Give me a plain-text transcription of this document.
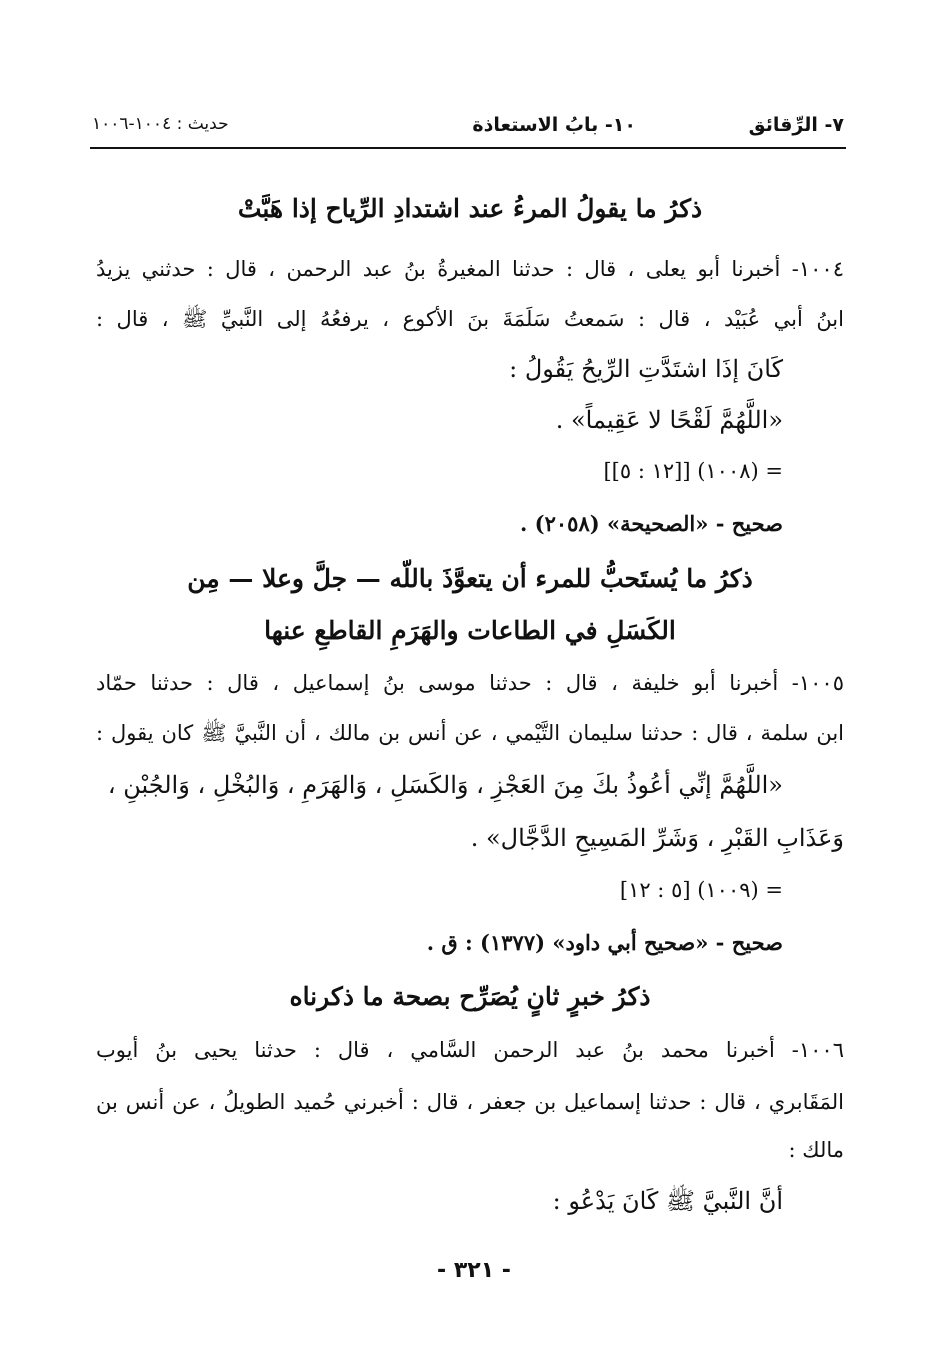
٧- الرِّقائق
١٠- بابُ الاستعاذة
حديث : ١٠٠٤-١٠٠٦
ذكرُ ما يقولُ المرءُ عند اشتدادِ الرِّياح إذا هَبَّتْ
١٠٠٤- أخبرنا أبو يعلى ، قال : حدثنا المغيرةُ بنُ عبد الرحمن ، قال : حدثني يزيدُ
ابنُ أبي عُبَيْد ، قال : سَمعتُ سَلَمَةَ بنَ الأكوع ، يرفعُهُ إلى النَّبيِّ ﷺ ، قال :
كَانَ إذَا اشتَدَّتِ الرِّيحُ يَقُولُ :
«اللَّهُمَّ لَقْحًا لا عَقِيماً» .
= (١٠٠٨) [[١٢ : ٥]]
صحيح - «الصحيحة» (٢٠٥٨) .
ذكرُ ما يُستَحبُّ للمرء أن يتعوَّذَ باللّه — جلَّ وعلا — مِن
الكَسَلِ في الطاعات والهَرَمِ القاطعِ عنها
١٠٠٥- أخبرنا أبو خليفة ، قال : حدثنا موسى بنُ إسماعيل ، قال : حدثنا حمّاد
ابن سلمة ، قال : حدثنا سليمان التَّيْمي ، عن أنس بن مالك ، أن النَّبيَّ ﷺ كان يقول :
«اللَّهُمَّ إنِّي أعُوذُ بكَ مِنَ العَجْزِ ، وَالكَسَلِ ، وَالهَرَمِ ، وَالبُخْلِ ، وَالجُبْنِ ،
وَعَذَابِ القَبْرِ ، وَشَرِّ المَسِيحِ الدَّجَّال» .
= (١٠٠٩) [٥ : ١٢]
صحيح - «صحيح أبي داود» (١٣٧٧) : ق .
ذكرُ خبرٍ ثانٍ يُصَرِّح بصحة ما ذكرناه
١٠٠٦- أخبرنا محمد بنُ عبد الرحمن السَّامي ، قال : حدثنا يحيى بنُ أيوب
المَقَابري ، قال : حدثنا إسماعيل بن جعفر ، قال : أخبرني حُميد الطويلُ ، عن أنس بن
مالك :
أنَّ النَّبيَّ ﷺ كَانَ يَدْعُو :
- ٣٢١ -
